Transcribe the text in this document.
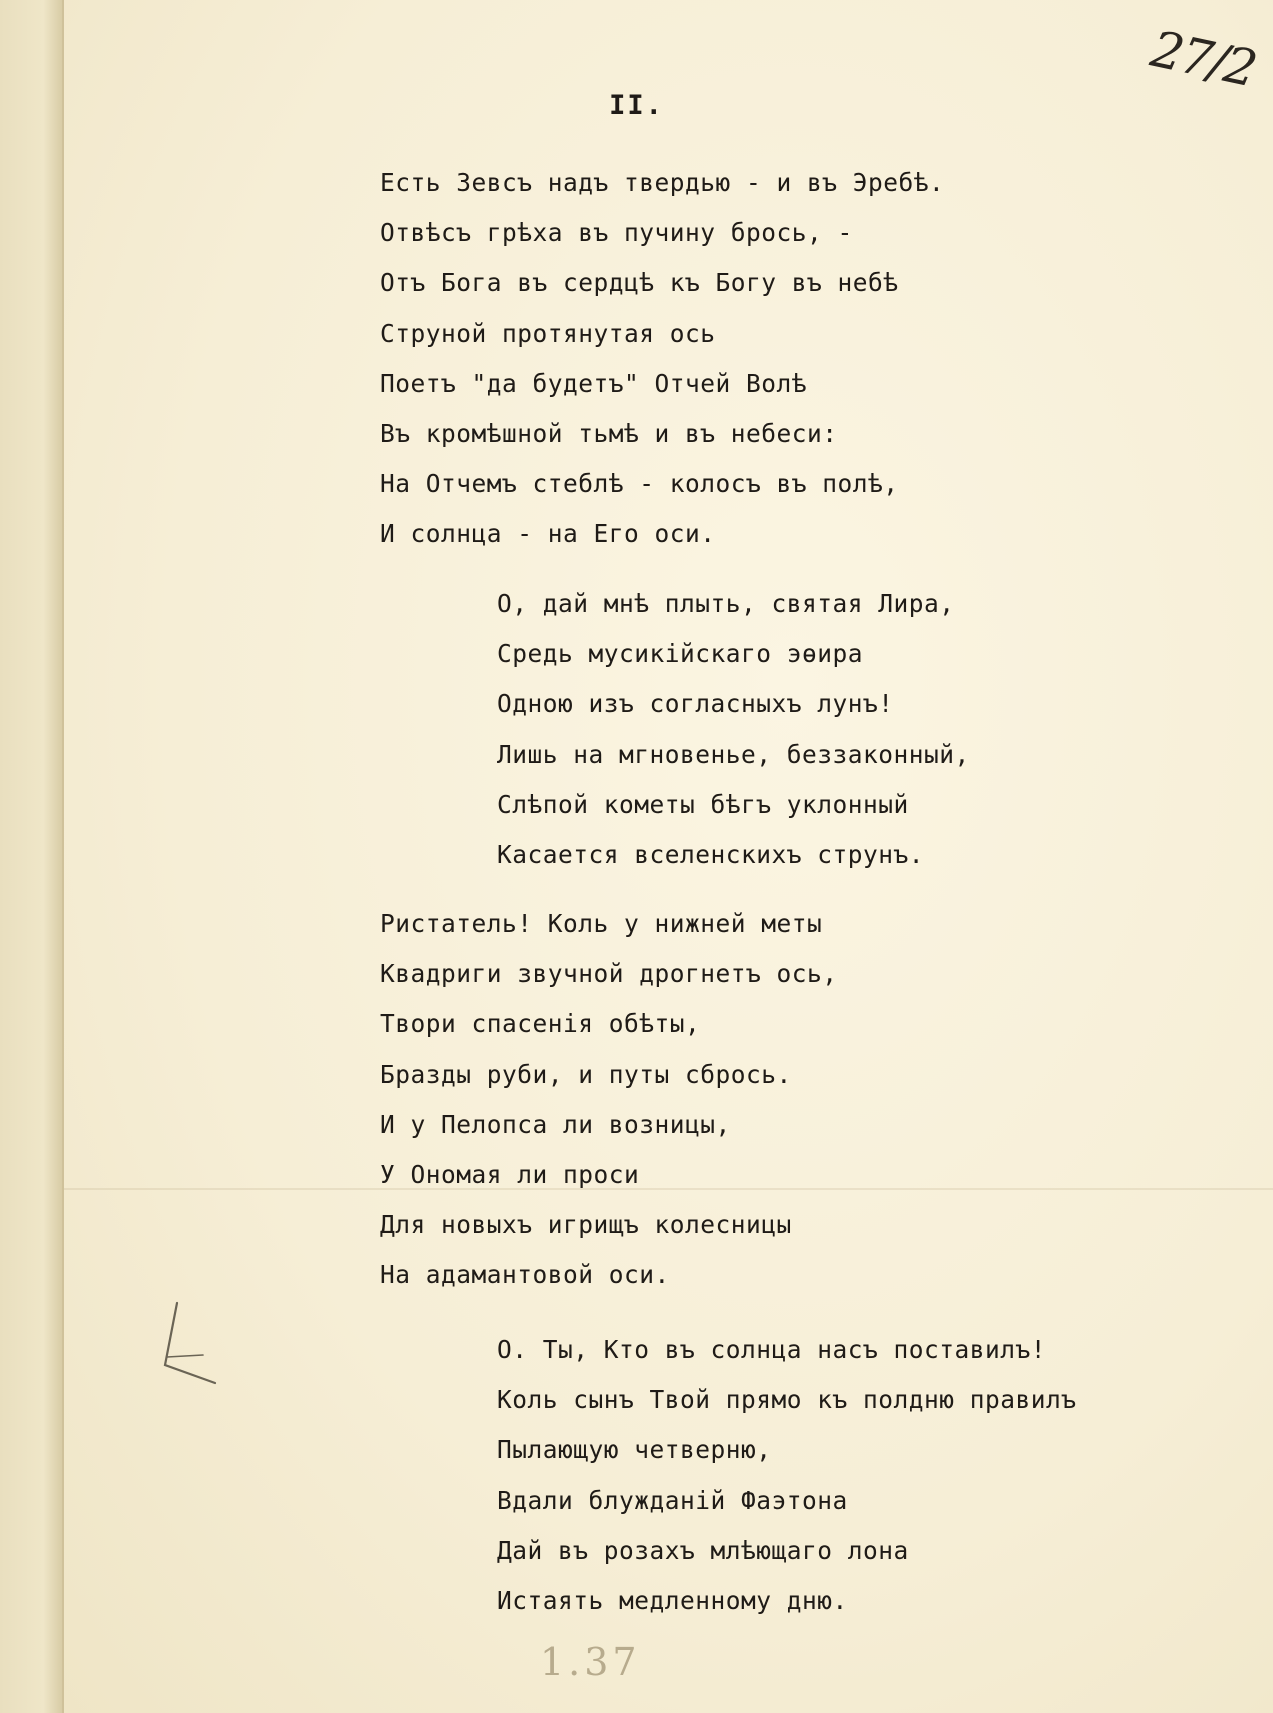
II.
27/2
Есть Зевсъ надъ твердью - и въ Эребѣ.
Отвѣсъ грѣха въ пучину брось, -
Отъ Бога въ сердцѣ къ Богу въ небѣ
Струной протянутая ось
Поетъ "да будетъ" Отчей Волѣ
Въ кромѣшной тьмѣ и въ небеси:
На Отчемъ стеблѣ - колосъ въ полѣ,
И солнца - на Его оси.
О, дай мнѣ плыть, святая Лира,
Средь мусикійскаго эѳира
Одною изъ согласныхъ лунъ!
Лишь на мгновенье, беззаконный,
Слѣпой кометы бѣгъ уклонный
Касается вселенскихъ струнъ.
Ристатель! Коль у нижней меты
Квадриги звучной дрогнетъ ось,
Твори спасенія обѣты,
Бразды руби, и путы сбрось.
И у Пелопса ли возницы,
У Ономая ли проси
Для новыхъ игрищъ колесницы
На адамантовой оси.
О. Ты, Кто въ солнца насъ поставилъ!
Коль сынъ Твой прямо къ полдню правилъ
Пылающую четверню,
Вдали блужданій Фаэтона
Дай въ розахъ млѣющаго лона
Истаять медленному дню.
1.37
